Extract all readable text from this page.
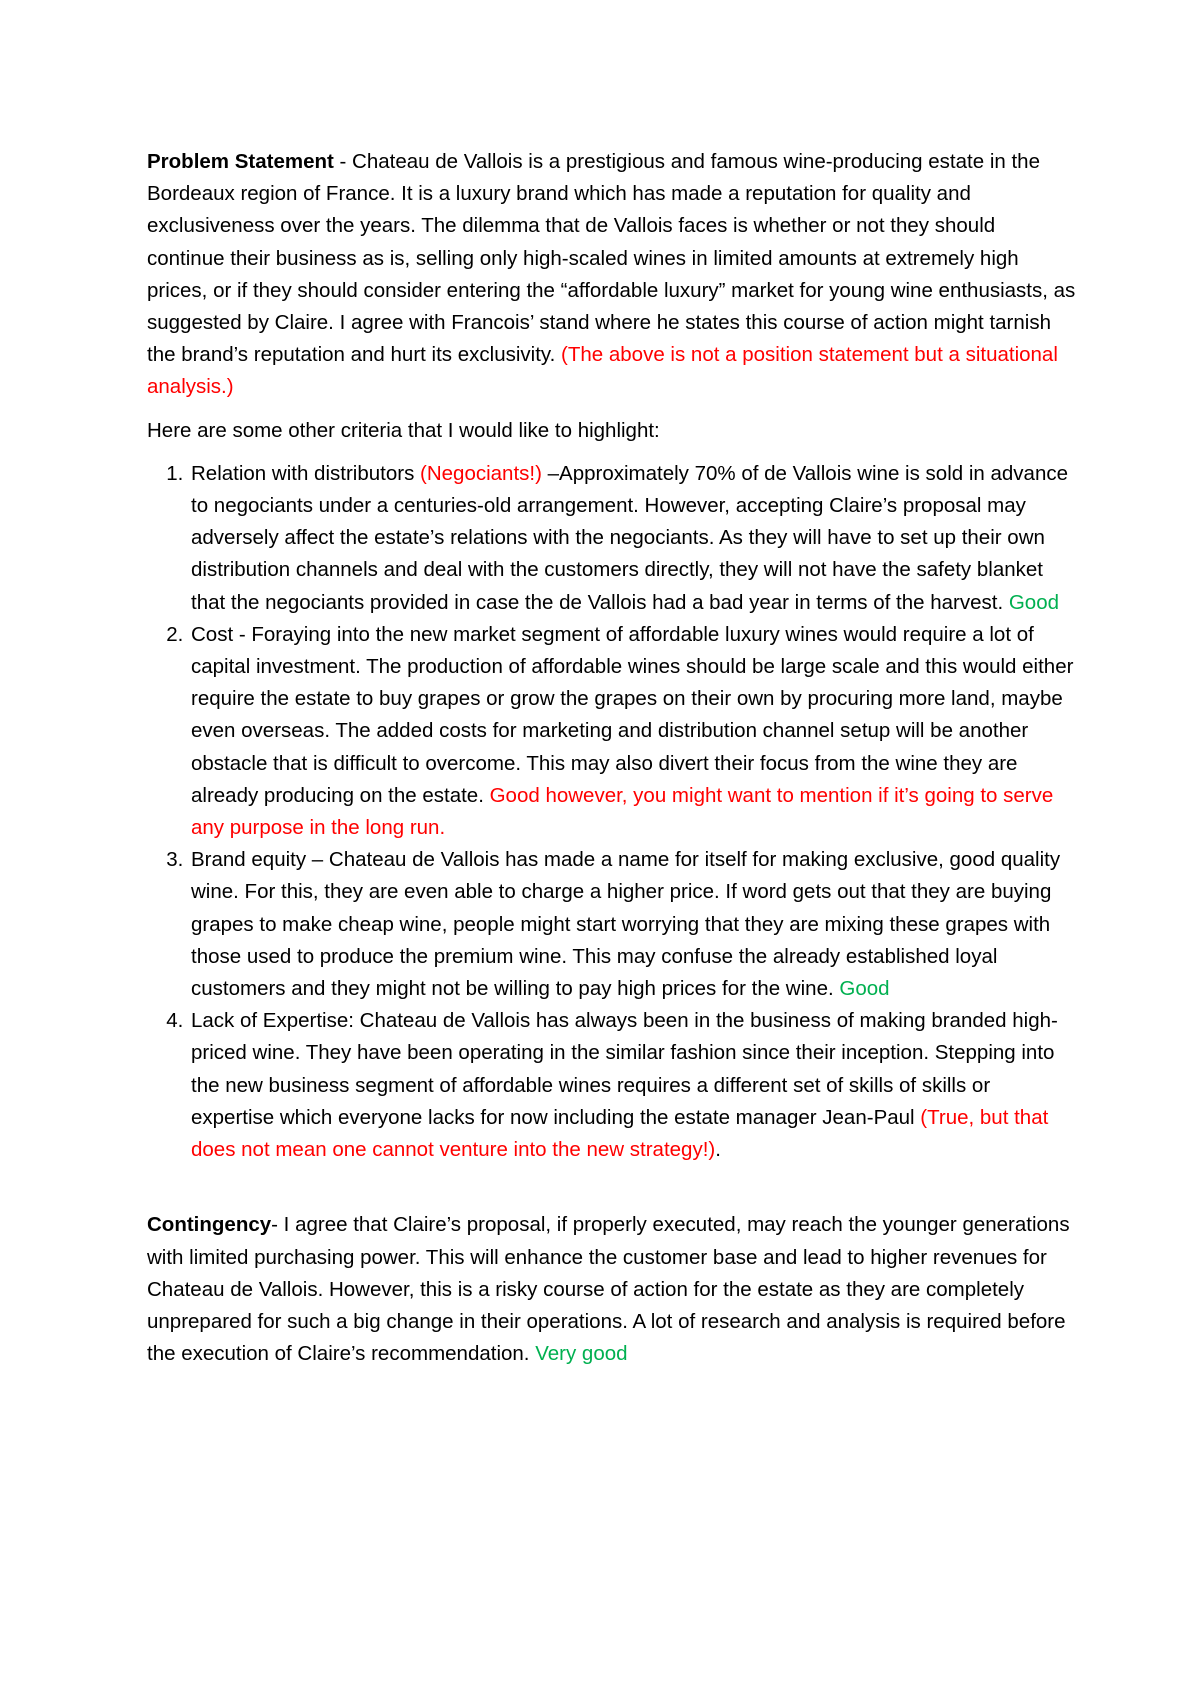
Problem Statement - Chateau de Vallois is a prestigious and famous wine-producing estate in the Bordeaux region of France. It is a luxury brand which has made a reputation for quality and exclusiveness over the years. The dilemma that de Vallois faces is whether or not they should continue their business as is, selling only high-scaled wines in limited amounts at extremely high prices, or if they should consider entering the “affordable luxury” market for young wine enthusiasts, as suggested by Claire. I agree with Francois’ stand where he states this course of action might tarnish the brand’s reputation and hurt its exclusivity. (The above is not a position statement but a situational analysis.)

Here are some other criteria that I would like to highlight:

1. Relation with distributors (Negociants!) –Approximately 70% of de Vallois wine is sold in advance to negociants under a centuries-old arrangement. However, accepting Claire’s proposal may adversely affect the estate’s relations with the negociants. As they will have to set up their own distribution channels and deal with the customers directly, they will not have the safety blanket that the negociants provided in case the de Vallois had a bad year in terms of the harvest. Good
2. Cost - Foraying into the new market segment of affordable luxury wines would require a lot of capital investment. The production of affordable wines should be large scale and this would either require the estate to buy grapes or grow the grapes on their own by procuring more land, maybe even overseas. The added costs for marketing and distribution channel setup will be another obstacle that is difficult to overcome. This may also divert their focus from the wine they are already producing on the estate. Good however, you might want to mention if it’s going to serve any purpose in the long run.
3. Brand equity – Chateau de Vallois has made a name for itself for making exclusive, good quality wine. For this, they are even able to charge a higher price. If word gets out that they are buying grapes to make cheap wine, people might start worrying that they are mixing these grapes with those used to produce the premium wine. This may confuse the already established loyal customers and they might not be willing to pay high prices for the wine. Good
4. Lack of Expertise: Chateau de Vallois has always been in the business of making branded high-priced wine. They have been operating in the similar fashion since their inception. Stepping into the new business segment of affordable wines requires a different set of skills of skills or expertise which everyone lacks for now including the estate manager Jean-Paul (True, but that does not mean one cannot venture into the new strategy!).

Contingency- I agree that Claire’s proposal, if properly executed, may reach the younger generations with limited purchasing power. This will enhance the customer base and lead to higher revenues for Chateau de Vallois. However, this is a risky course of action for the estate as they are completely unprepared for such a big change in their operations. A lot of research and analysis is required before the execution of Claire’s recommendation. Very good
